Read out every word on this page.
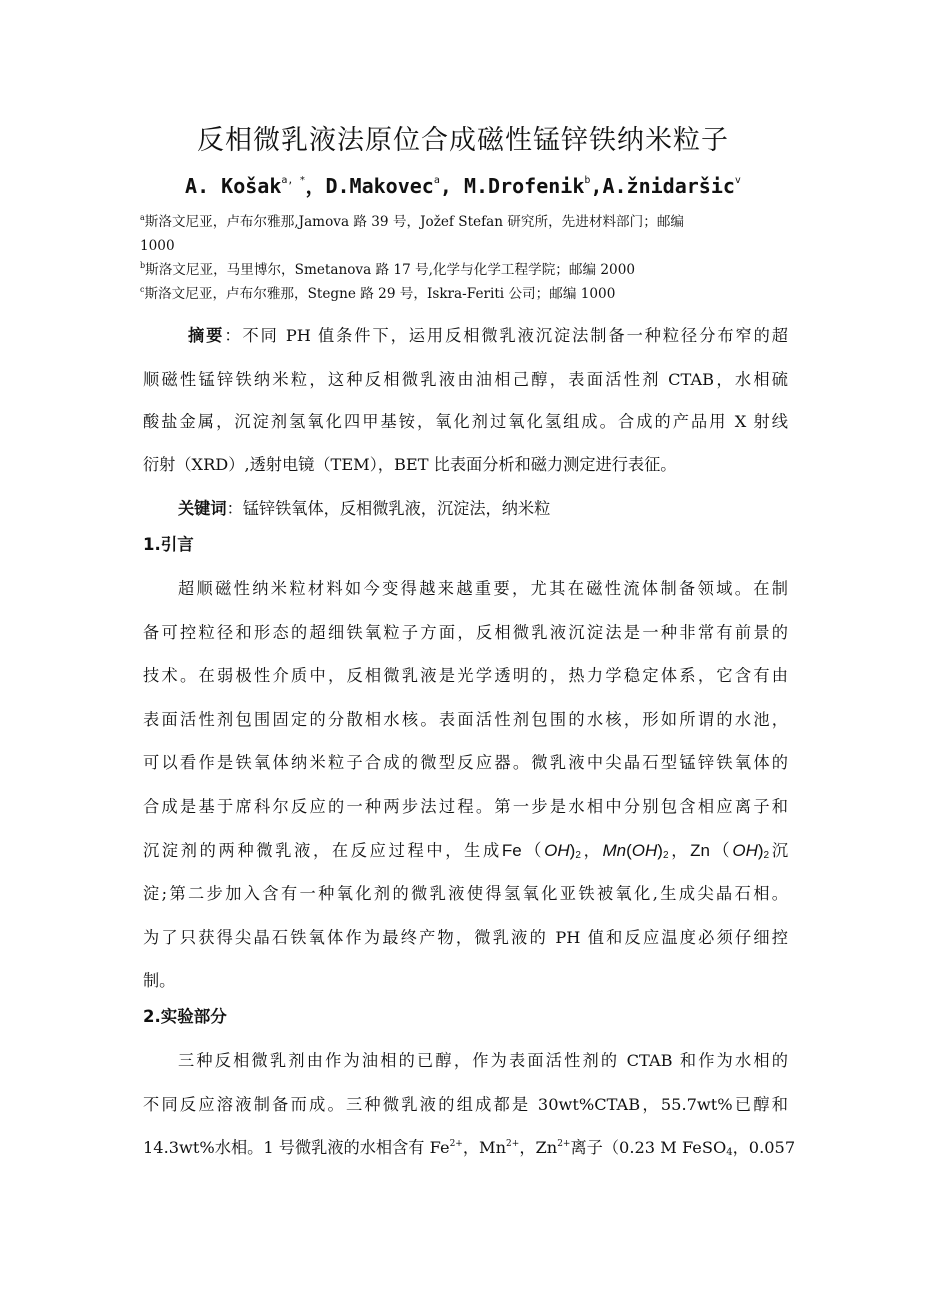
反相微乳液法原位合成磁性锰锌铁纳米粒子
A. Košak$^{a, *}$，D.Makovec$^a$, M.Drofenik$^b$,A.žnidaršic$^v$
$^a$斯洛文尼亚，卢布尔雅那,Jamova 路 39 号，Jožef Stefan 研究所，先进材料部门；邮编
1000
$^b$斯洛文尼亚，马里博尔，Smetanova 路 17 号,化学与化学工程学院；邮编 2000
$^c$斯洛文尼亚，卢布尔雅那，Stegne 路 29 号，Iskra-Feriti 公司；邮编 1000
摘要：不同 PH 值条件下，运用反相微乳液沉淀法制备一种粒径分布窄的超
顺磁性锰锌铁纳米粒，这种反相微乳液由油相己醇，表面活性剂 CTAB，水相硫
酸盐金属，沉淀剂氢氧化四甲基铵，氧化剂过氧化氢组成。合成的产品用 X 射线
衍射（XRD）,透射电镜（TEM），BET 比表面分析和磁力测定进行表征。
关键词：锰锌铁氧体，反相微乳液，沉淀法，纳米粒
1.引言
超顺磁性纳米粒材料如今变得越来越重要，尤其在磁性流体制备领域。在制
备可控粒径和形态的超细铁氧粒子方面，反相微乳液沉淀法是一种非常有前景的
技术。在弱极性介质中，反相微乳液是光学透明的，热力学稳定体系，它含有由
表面活性剂包围固定的分散相水核。表面活性剂包围的水核，形如所谓的水池，
可以看作是铁氧体纳米粒子合成的微型反应器。微乳液中尖晶石型锰锌铁氧体的
合成是基于席科尔反应的一种两步法过程。第一步是水相中分别包含相应离子和
沉淀剂的两种微乳液，在反应过程中，生成$Fe(OH)_2$，$Mn(OH)_2$，$Zn(OH)_2$沉
淀;第二步加入含有一种氧化剂的微乳液使得氢氧化亚铁被氧化,生成尖晶石相。
为了只获得尖晶石铁氧体作为最终产物，微乳液的 PH 值和反应温度必须仔细控
制。
2.实验部分
三种反相微乳剂由作为油相的已醇，作为表面活性剂的 CTAB 和作为水相的
不同反应溶液制备而成。三种微乳液的组成都是 30wt%CTAB，55.7wt%已醇和
14.3wt%水相。1 号微乳液的水相含有 $Fe^{2+}$，$Mn^{2+}$，$Zn^{2+}$离子（0.23 M FeSO$_4$，0.057
